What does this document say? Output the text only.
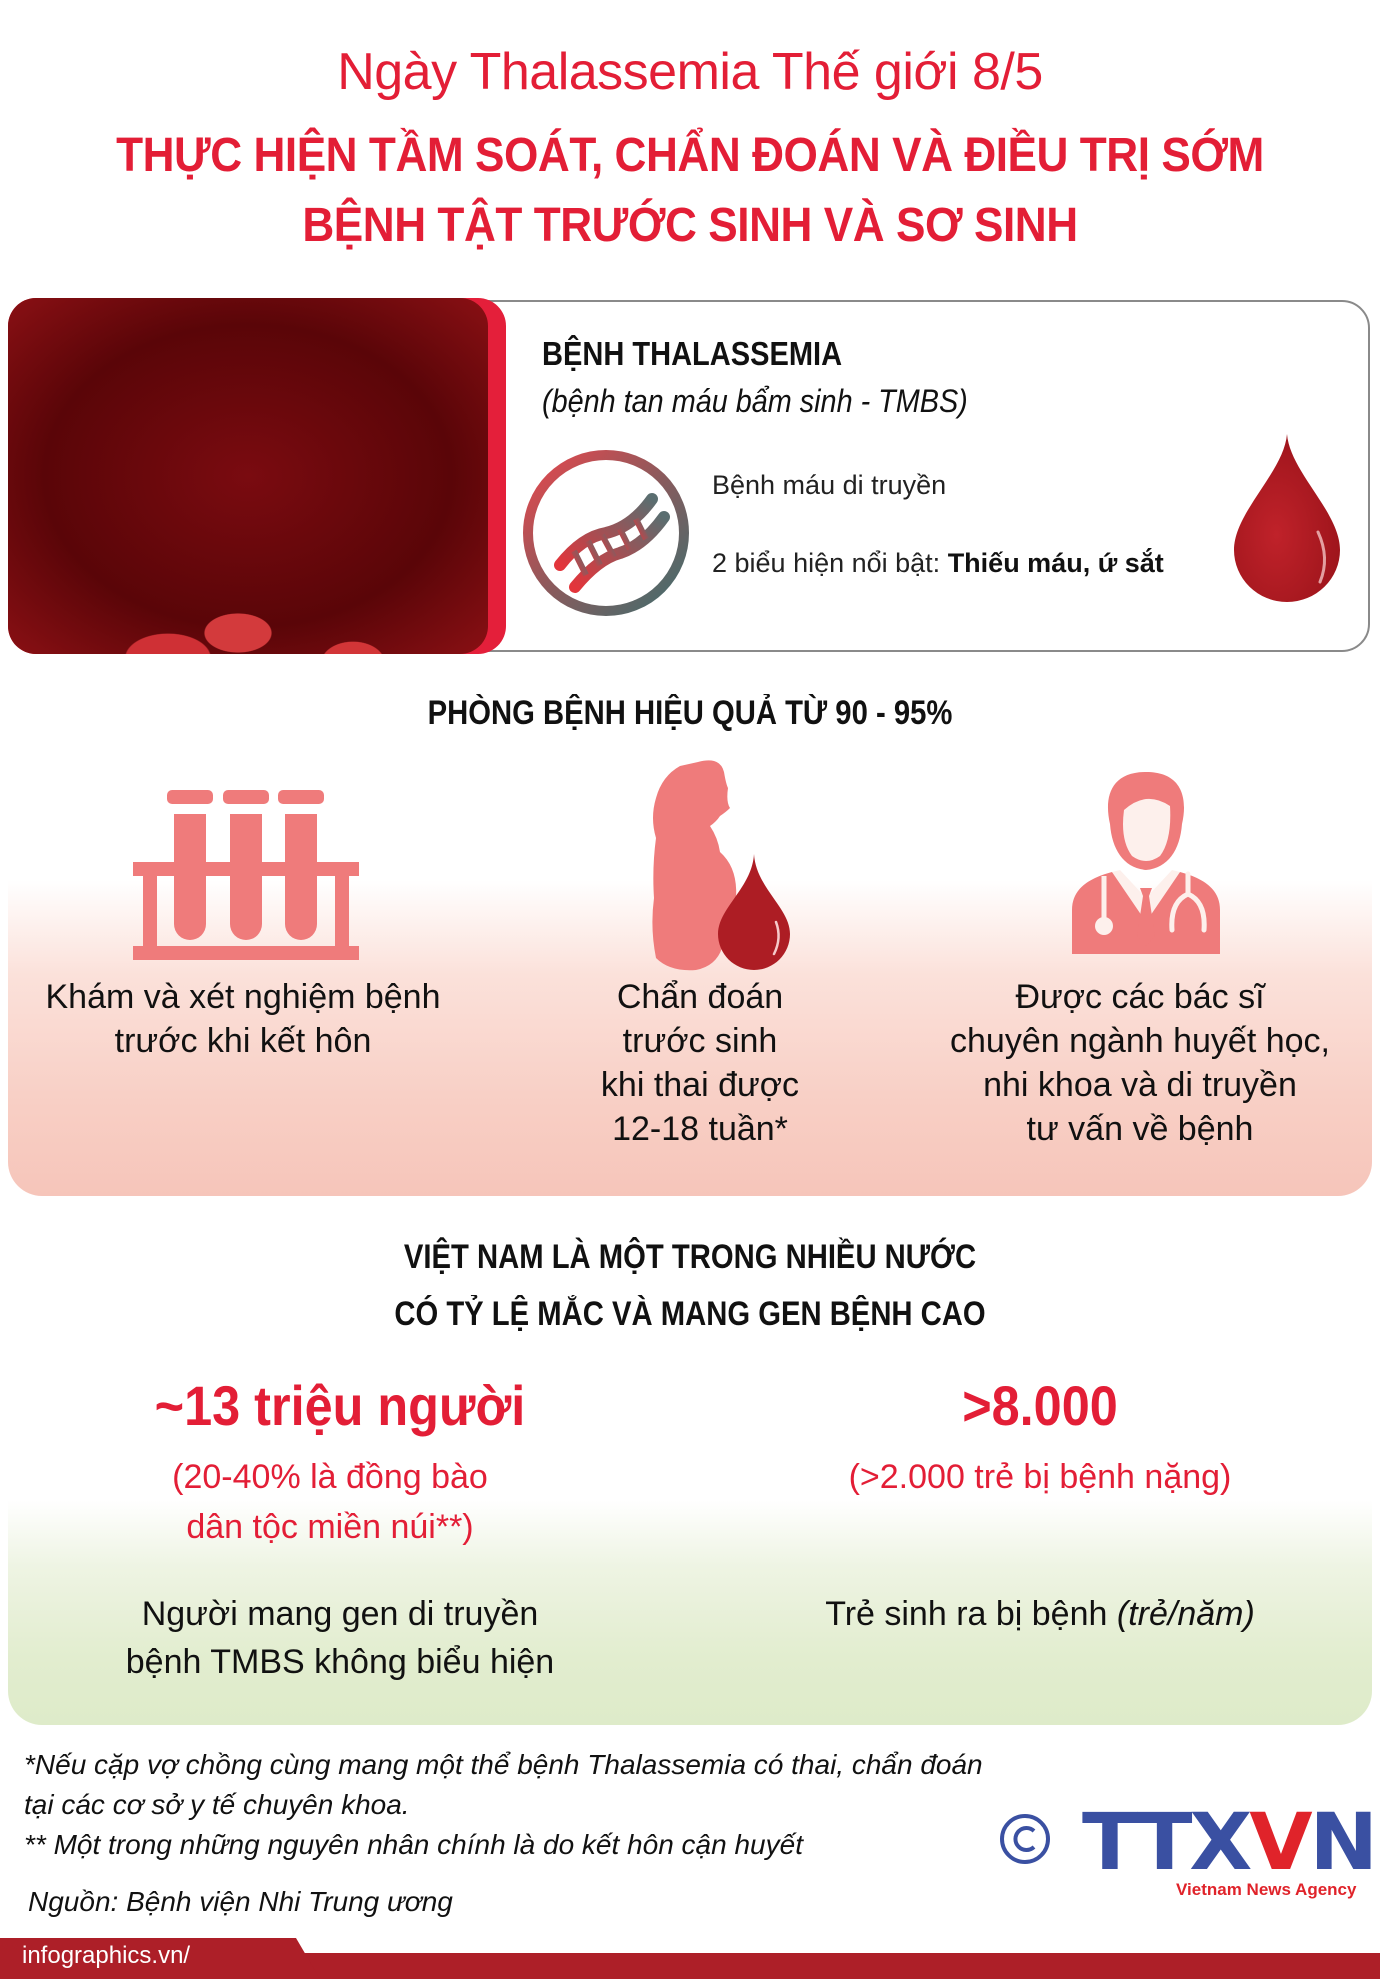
Ngày Thalassemia Thế giới 8/5
THỰC HIỆN TẦM SOÁT, CHẨN ĐOÁN VÀ ĐIỀU TRỊ SỚM
BỆNH TẬT TRƯỚC SINH VÀ SƠ SINH
BỆNH THALASSEMIA
(bệnh tan máu bẩm sinh - TMBS)
Bệnh máu di truyền
2 biểu hiện nổi bật: Thiếu máu, ứ sắt
PHÒNG BỆNH HIỆU QUẢ TỪ 90 - 95%
Khám và xét nghiệm bệnh
trước khi kết hôn
Chẩn đoán
trước sinh
khi thai được
12-18 tuần*
Được các bác sĩ
chuyên ngành huyết học,
nhi khoa và di truyền
tư vấn về bệnh
VIỆT NAM LÀ MỘT TRONG NHIỀU NƯỚC
CÓ TỶ LỆ MẮC VÀ MANG GEN BỆNH CAO
~13 triệu người	>8.000
(20-40% là đồng bào
dân tộc miền núi**)
(>2.000 trẻ bị bệnh nặng)
Người mang gen di truyền
bệnh TMBS không biểu hiện
Trẻ sinh ra bị bệnh (trẻ/năm)
*Nếu cặp vợ chồng cùng mang một thể bệnh Thalassemia có thai, chẩn đoán
tại các cơ sở y tế chuyên khoa.
** Một trong những nguyên nhân chính là do kết hôn cận huyết
Nguồn: Bệnh viện Nhi Trung ương
TTXVN
Vietnam News Agency
infographics.vn/
